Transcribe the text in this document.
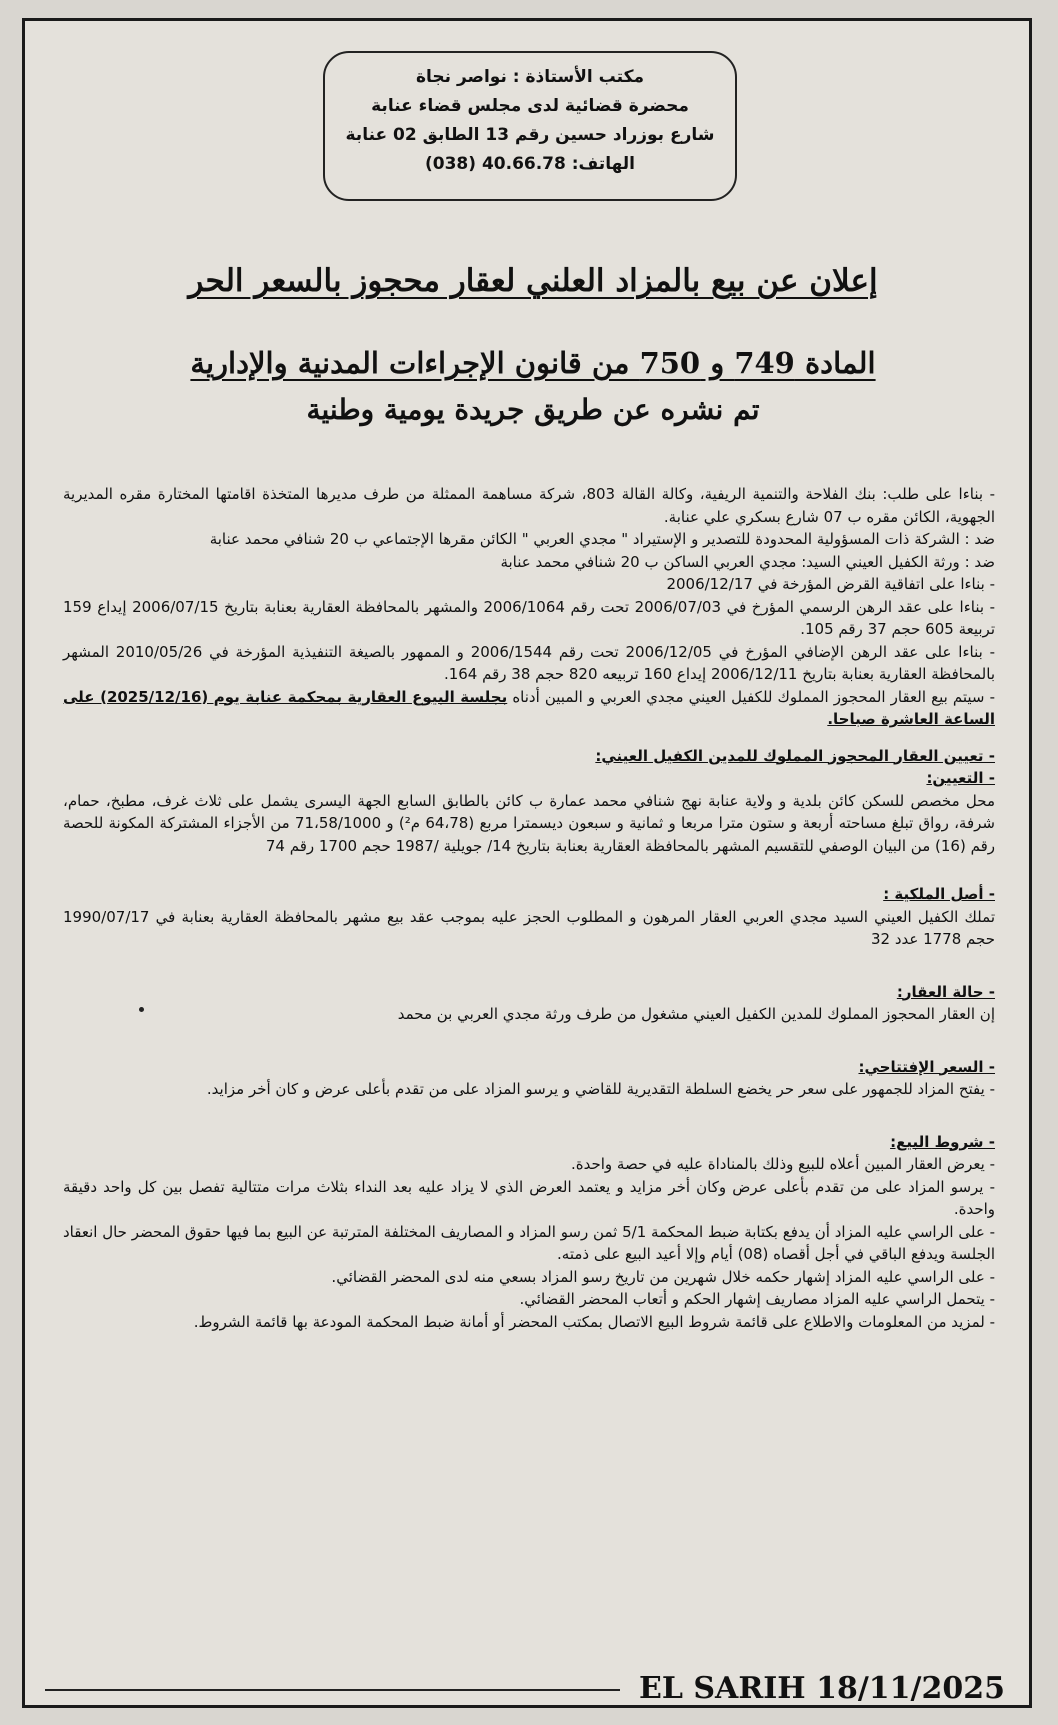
مكتب الأستاذة : نواصر نجاة
محضرة قضائية لدى مجلس قضاء عنابة
شارع بوزراد حسين رقم 13 الطابق 02 عنابة
الهاتف: 40.66.78 (038)
إعلان عن بيع بالمزاد العلني لعقار محجوز بالسعر الحر
المادة 749 و 750 من قانون الإجراءات المدنية والإدارية
تم نشره عن طريق جريدة يومية وطنية

- بناءا على طلب: بنك الفلاحة والتنمية الريفية، وكالة القالة 803، شركة مساهمة الممثلة من طرف مديرها المتخذة اقامتها المختارة مقره المديرية الجهوية، الكائن مقره ب 07 شارع بسكري علي عنابة.

ضد : الشركة ذات المسؤولية المحدودة للتصدير و الإستيراد " مجدي العربي " الكائن مقرها الإجتماعي ب 20 شنافي محمد عنابة

ضد : ورثة الكفيل العيني السيد: مجدي العربي الساكن ب 20 شنافي محمد عنابة

- بناءا على اتفاقية القرض المؤرخة في 2006/12/17

- بناءا على عقد الرهن الرسمي المؤرخ في 2006/07/03 تحت رقم 2006/1064 والمشهر بالمحافظة العقارية بعنابة بتاريخ 2006/07/15 إيداع 159 تربيعة 605 حجم 37 رقم 105.

- بناءا على عقد الرهن الإضافي المؤرخ في 2006/12/05 تحت رقم 2006/1544 و الممهور بالصيغة التنفيذية المؤرخة في 2010/05/26 المشهر بالمحافظة العقارية بعنابة بتاريخ 2006/12/11 إيداع 160 تربيعه 820 حجم 38 رقم 164.

- سيتم بيع العقار المحجوز المملوك للكفيل العيني مجدي العربي و المبين أدناه بجلسة البيوع العقارية بمحكمة عنابة يوم (2025/12/16) على الساعة العاشرة صباحا.

- تعيين العقار المحجوز المملوك للمدين الكفيل العيني:

- التعيين:

محل مخصص للسكن كائن بلدية و ولاية عنابة نهج شنافي محمد عمارة ب كائن بالطابق السابع الجهة اليسرى يشمل على ثلاث غرف، مطبخ، حمام، شرفة، رواق تبلغ مساحته أربعة و ستون مترا مربعا و ثمانية و سبعون ديسمترا مربع (64،78 م²) و 71،58/1000 من الأجزاء المشتركة المكونة للحصة رقم (16) من البيان الوصفي للتقسيم المشهر بالمحافظة العقارية بعنابة بتاريخ 14/ جويلية /1987 حجم 1700 رقم 74

- أصل الملكية :

تملك الكفيل العيني السيد مجدي العربي العقار المرهون و المطلوب الحجز عليه بموجب عقد بيع مشهر بالمحافظة العقارية بعنابة في 1990/07/17 حجم 1778 عدد 32

- حالة العقار:

إن العقار المحجوز المملوك للمدين الكفيل العيني مشغول من طرف ورثة مجدي العربي بن محمد

- السعر الإفتتاحي:

- يفتح المزاد للجمهور على سعر حر يخضع السلطة التقديرية للقاضي و يرسو المزاد على من تقدم بأعلى عرض و كان أخر مزايد.

- شروط البيع:

- يعرض العقار المبين أعلاه للبيع وذلك بالمناداة عليه في حصة واحدة.

- يرسو المزاد على من تقدم بأعلى عرض وكان أخر مزايد و يعتمد العرض الذي لا يزاد عليه بعد النداء بثلاث مرات متتالية تفصل بين كل واحد دقيقة واحدة.

- على الراسي عليه المزاد أن يدفع بكتابة ضبط المحكمة 5/1 ثمن رسو المزاد و المصاريف المختلفة المترتبة عن البيع بما فيها حقوق المحضر حال انعقاد الجلسة ويدفع الباقي في أجل أقصاه (08) أيام وإلا أعيد البيع على ذمته.

- على الراسي عليه المزاد إشهار حكمه خلال شهرين من تاريخ رسو المزاد بسعي منه لدى المحضر القضائي.

- يتحمل الراسي عليه المزاد مصاريف إشهار الحكم و أتعاب المحضر القضائي.

- لمزيد من المعلومات والاطلاع على قائمة شروط البيع الاتصال بمكتب المحضر أو أمانة ضبط المحكمة المودعة بها قائمة الشروط.

EL SARIH 18/11/2025
